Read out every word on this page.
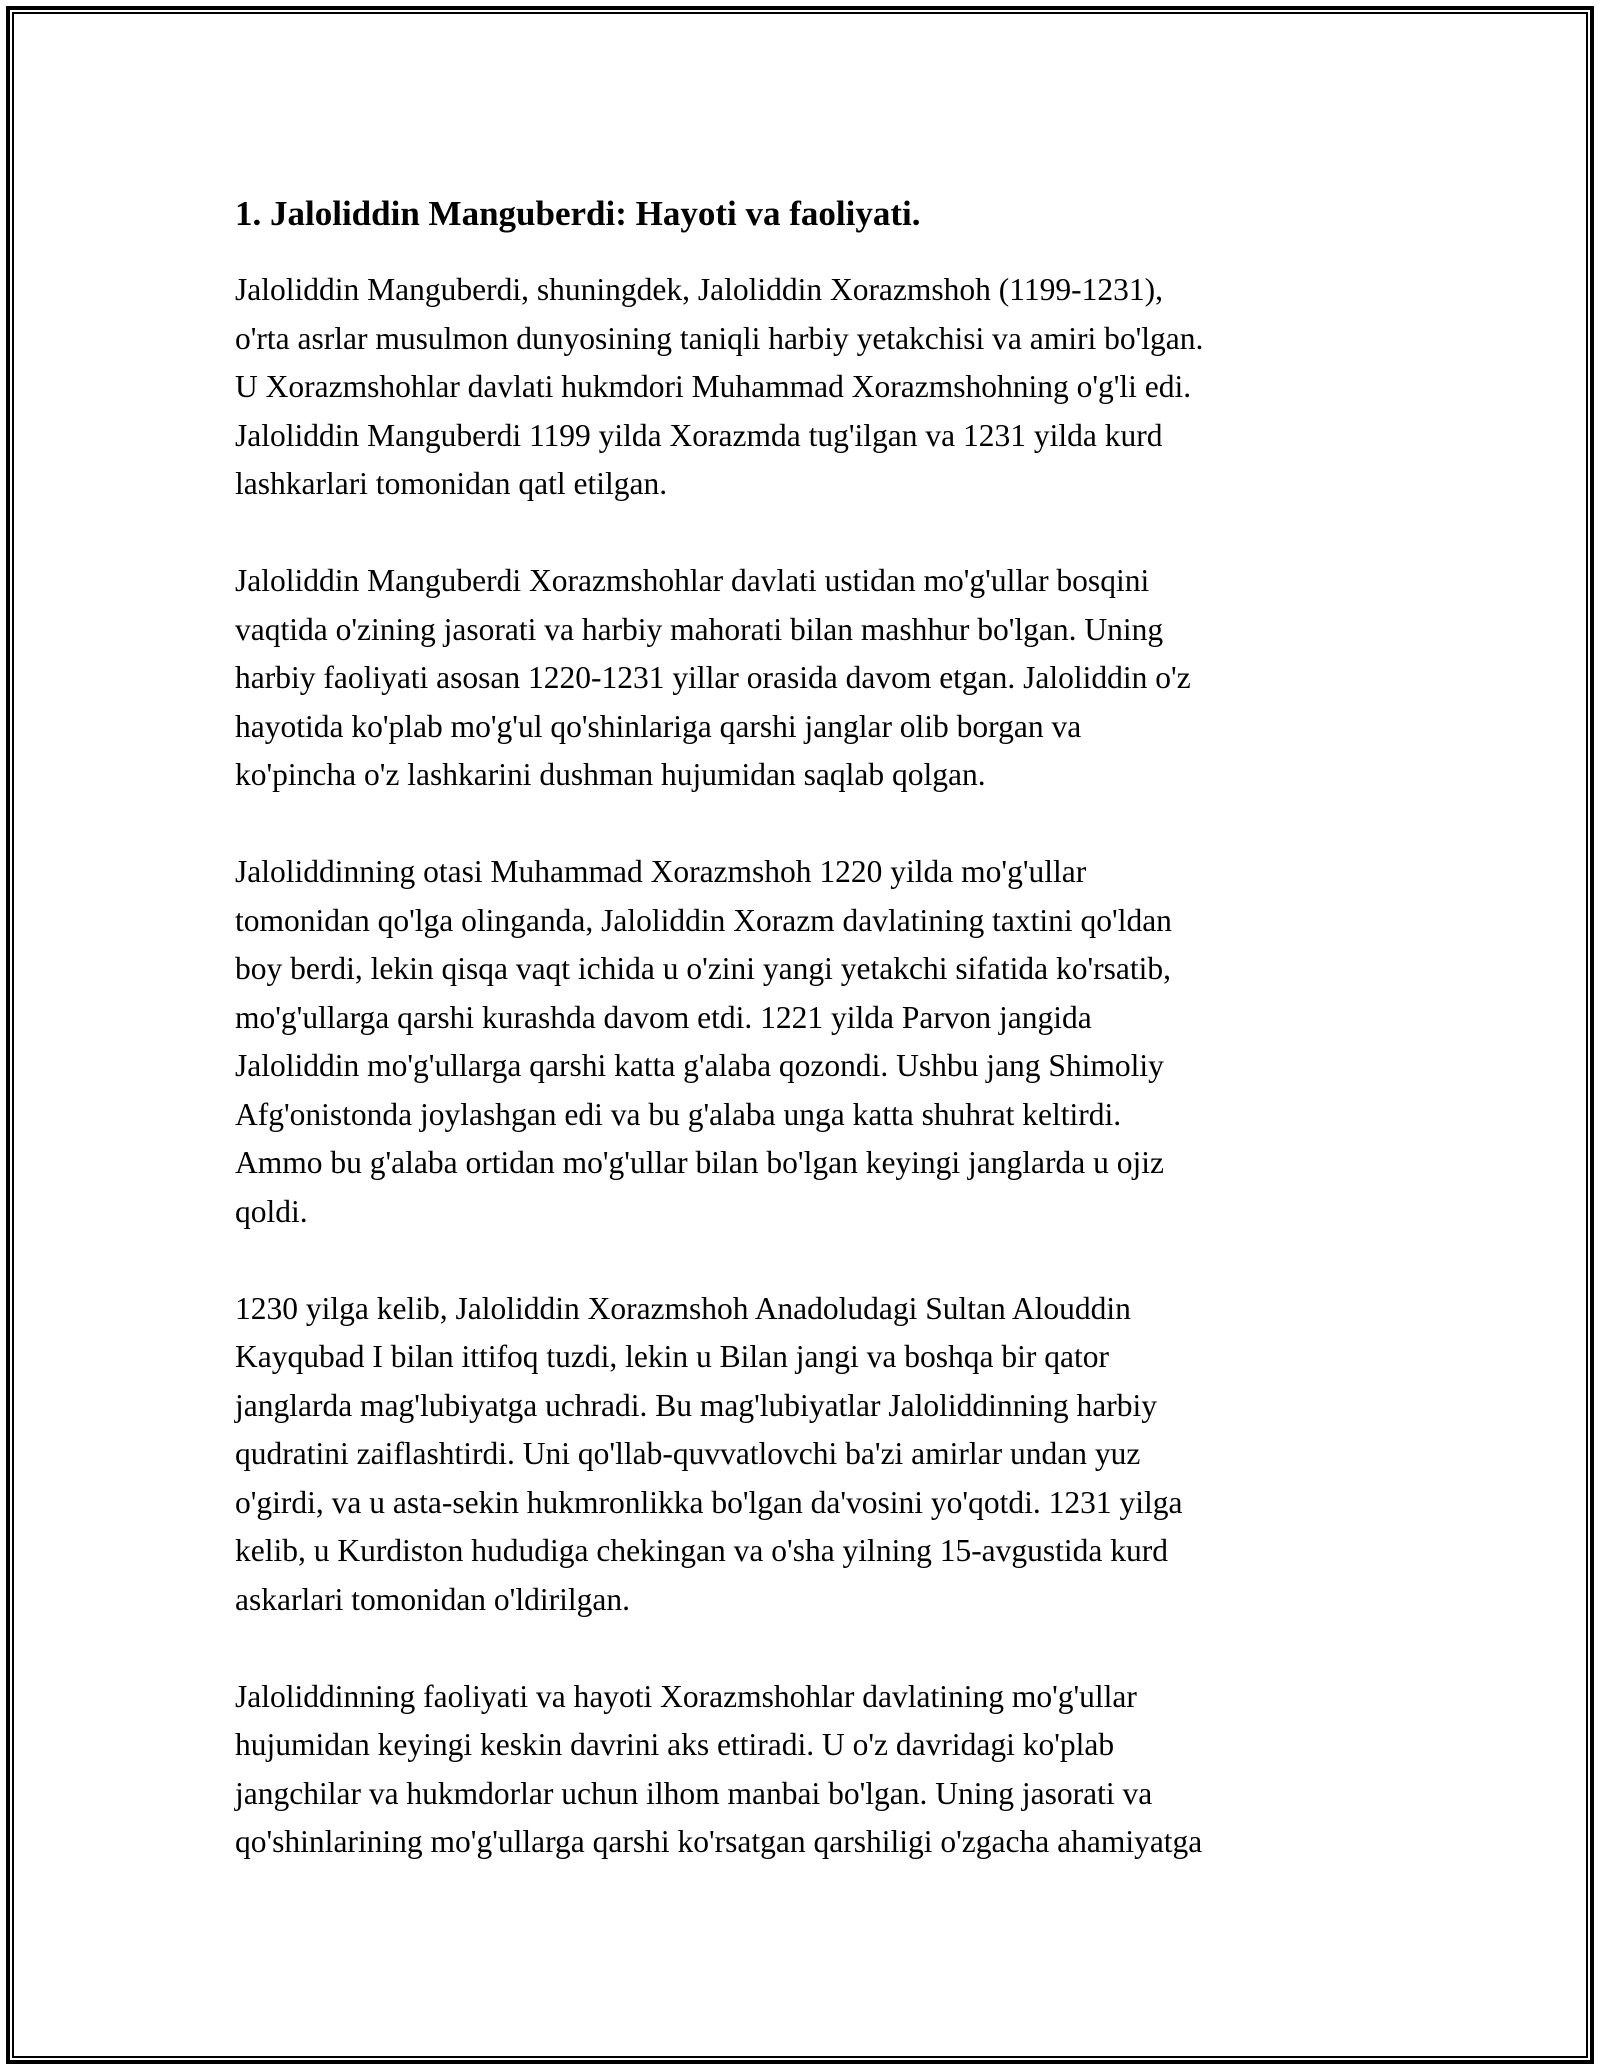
1. Jaloliddin Manguberdi: Hayoti va faoliyati.

Jaloliddin Manguberdi, shuningdek, Jaloliddin Xorazmshoh (1199-1231),
o'rta asrlar musulmon dunyosining taniqli harbiy yetakchisi va amiri bo'lgan.
U Xorazmshohlar davlati hukmdori Muhammad Xorazmshohning o'g'li edi.
Jaloliddin Manguberdi 1199 yilda Xorazmda tug'ilgan va 1231 yilda kurd
lashkarlari tomonidan qatl etilgan.

Jaloliddin Manguberdi Xorazmshohlar davlati ustidan mo'g'ullar bosqini
vaqtida o'zining jasorati va harbiy mahorati bilan mashhur bo'lgan. Uning
harbiy faoliyati asosan 1220-1231 yillar orasida davom etgan. Jaloliddin o'z
hayotida ko'plab mo'g'ul qo'shinlariga qarshi janglar olib borgan va
ko'pincha o'z lashkarini dushman hujumidan saqlab qolgan.

Jaloliddinning otasi Muhammad Xorazmshoh 1220 yilda mo'g'ullar
tomonidan qo'lga olinganda, Jaloliddin Xorazm davlatining taxtini qo'ldan
boy berdi, lekin qisqa vaqt ichida u o'zini yangi yetakchi sifatida ko'rsatib,
mo'g'ullarga qarshi kurashda davom etdi. 1221 yilda Parvon jangida
Jaloliddin mo'g'ullarga qarshi katta g'alaba qozondi. Ushbu jang Shimoliy
Afg'onistonda joylashgan edi va bu g'alaba unga katta shuhrat keltirdi.
Ammo bu g'alaba ortidan mo'g'ullar bilan bo'lgan keyingi janglarda u ojiz
qoldi.

1230 yilga kelib, Jaloliddin Xorazmshoh Anadoludagi Sultan Alouddin
Kayqubad I bilan ittifoq tuzdi, lekin u Bilan jangi va boshqa bir qator
janglarda mag'lubiyatga uchradi. Bu mag'lubiyatlar Jaloliddinning harbiy
qudratini zaiflashtirdi. Uni qo'llab-quvvatlovchi ba'zi amirlar undan yuz
o'girdi, va u asta-sekin hukmronlikka bo'lgan da'vosini yo'qotdi. 1231 yilga
kelib, u Kurdiston hududiga chekingan va o'sha yilning 15-avgustida kurd
askarlari tomonidan o'ldirilgan.

Jaloliddinning faoliyati va hayoti Xorazmshohlar davlatining mo'g'ullar
hujumidan keyingi keskin davrini aks ettiradi. U o'z davridagi ko'plab
jangchilar va hukmdorlar uchun ilhom manbai bo'lgan. Uning jasorati va
qo'shinlarining mo'g'ullarga qarshi ko'rsatgan qarshiligi o'zgacha ahamiyatga
